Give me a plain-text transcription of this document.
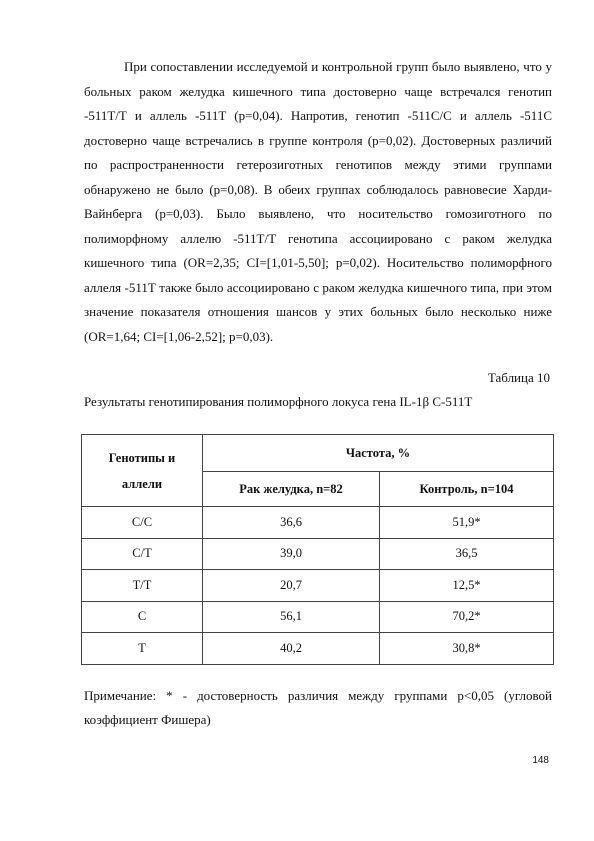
При сопоставлении исследуемой и контрольной групп было выявлено, что у больных раком желудка кишечного типа достоверно чаще встречался генотип -511Т/Т и аллель -511Т (р=0,04). Напротив, генотип -511С/С и аллель -511С достоверно чаще встречались в группе контроля (р=0,02). Достоверных различий по распространенности гетерозиготных генотипов между этими группами обнаружено не было (р=0,08). В обеих группах соблюдалось равновесие Харди-Вайнберга (р=0,03). Было выявлено, что носительство гомозиготного по полиморфному аллелю -511Т/Т генотипа ассоциировано с раком желудка кишечного типа (OR=2,35; CI=[1,01-5,50]; р=0,02). Носительство полиморфного аллеля -511Т также было ассоциировано с раком желудка кишечного типа, при этом значение показателя отношения шансов у этих больных было несколько ниже (OR=1,64; CI=[1,06-2,52]; р=0,03).

Таблица 10

Результаты генотипирования полиморфного локуса гена IL-1β C-511T

Генотипы и
аллели	Частота, %	
	Рак желудка, n=82	Контроль, n=104
C/C	36,6	51,9*
C/T	39,0	36,5
T/T	20,7	12,5*
C	56,1	70,2*
T	40,2	30,8*

Примечание: * - достоверность различия между группами р<0,05 (угловой коэффициент Фишера)

148
